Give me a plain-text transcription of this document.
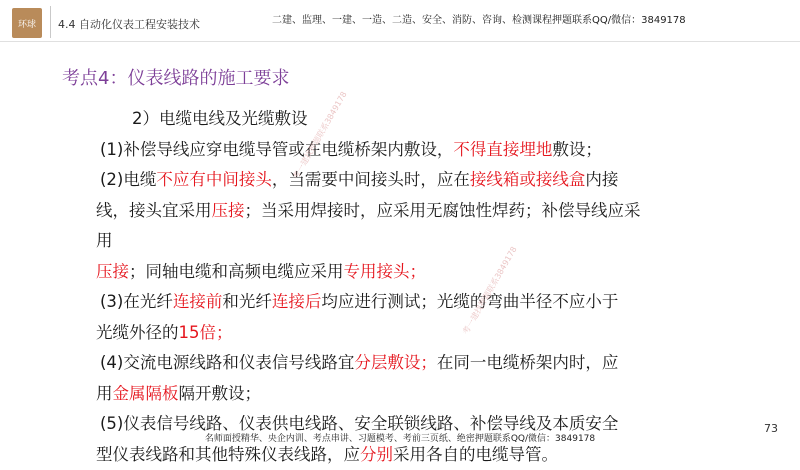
环球	4.4 自动化仪表工程安装技术	二建、监理、一建、一造、二造、安全、消防、咨询、检测课程押题联系QQ/微信：3849178
考点4：仪表线路的施工要求

2）电缆电线及光缆敷设

(1)补偿导线应穿电缆导管或在电缆桥架内敷设，不得直接埋地敷设；

(2)电缆不应有中间接头，当需要中间接头时，应在接线箱或接线盒内接

线，接头宜采用压接；当采用焊接时，应采用无腐蚀性焊药；补偿导线应采用

压接；同轴电缆和高频电缆应采用专用接头；

(3)在光纤连接前和光纤连接后均应进行测试；光缆的弯曲半径不应小于

光缆外径的15倍；

(4)交流电源线路和仪表信号线路宜分层敷设；在同一电缆桥架内时，应

用金属隔板隔开敷设；

(5)仪表信号线路、仪表供电线路、安全联锁线路、补偿导线及本质安全

型仪表线路和其他特殊仪表线路，应分别采用各自的电缆导管。

考一建找押题联系3849178
考一建找押题联系3849178
73
名师面授精华、央企内训、考点串讲、习题模考、考前三页纸、绝密押题联系QQ/微信：3849178
